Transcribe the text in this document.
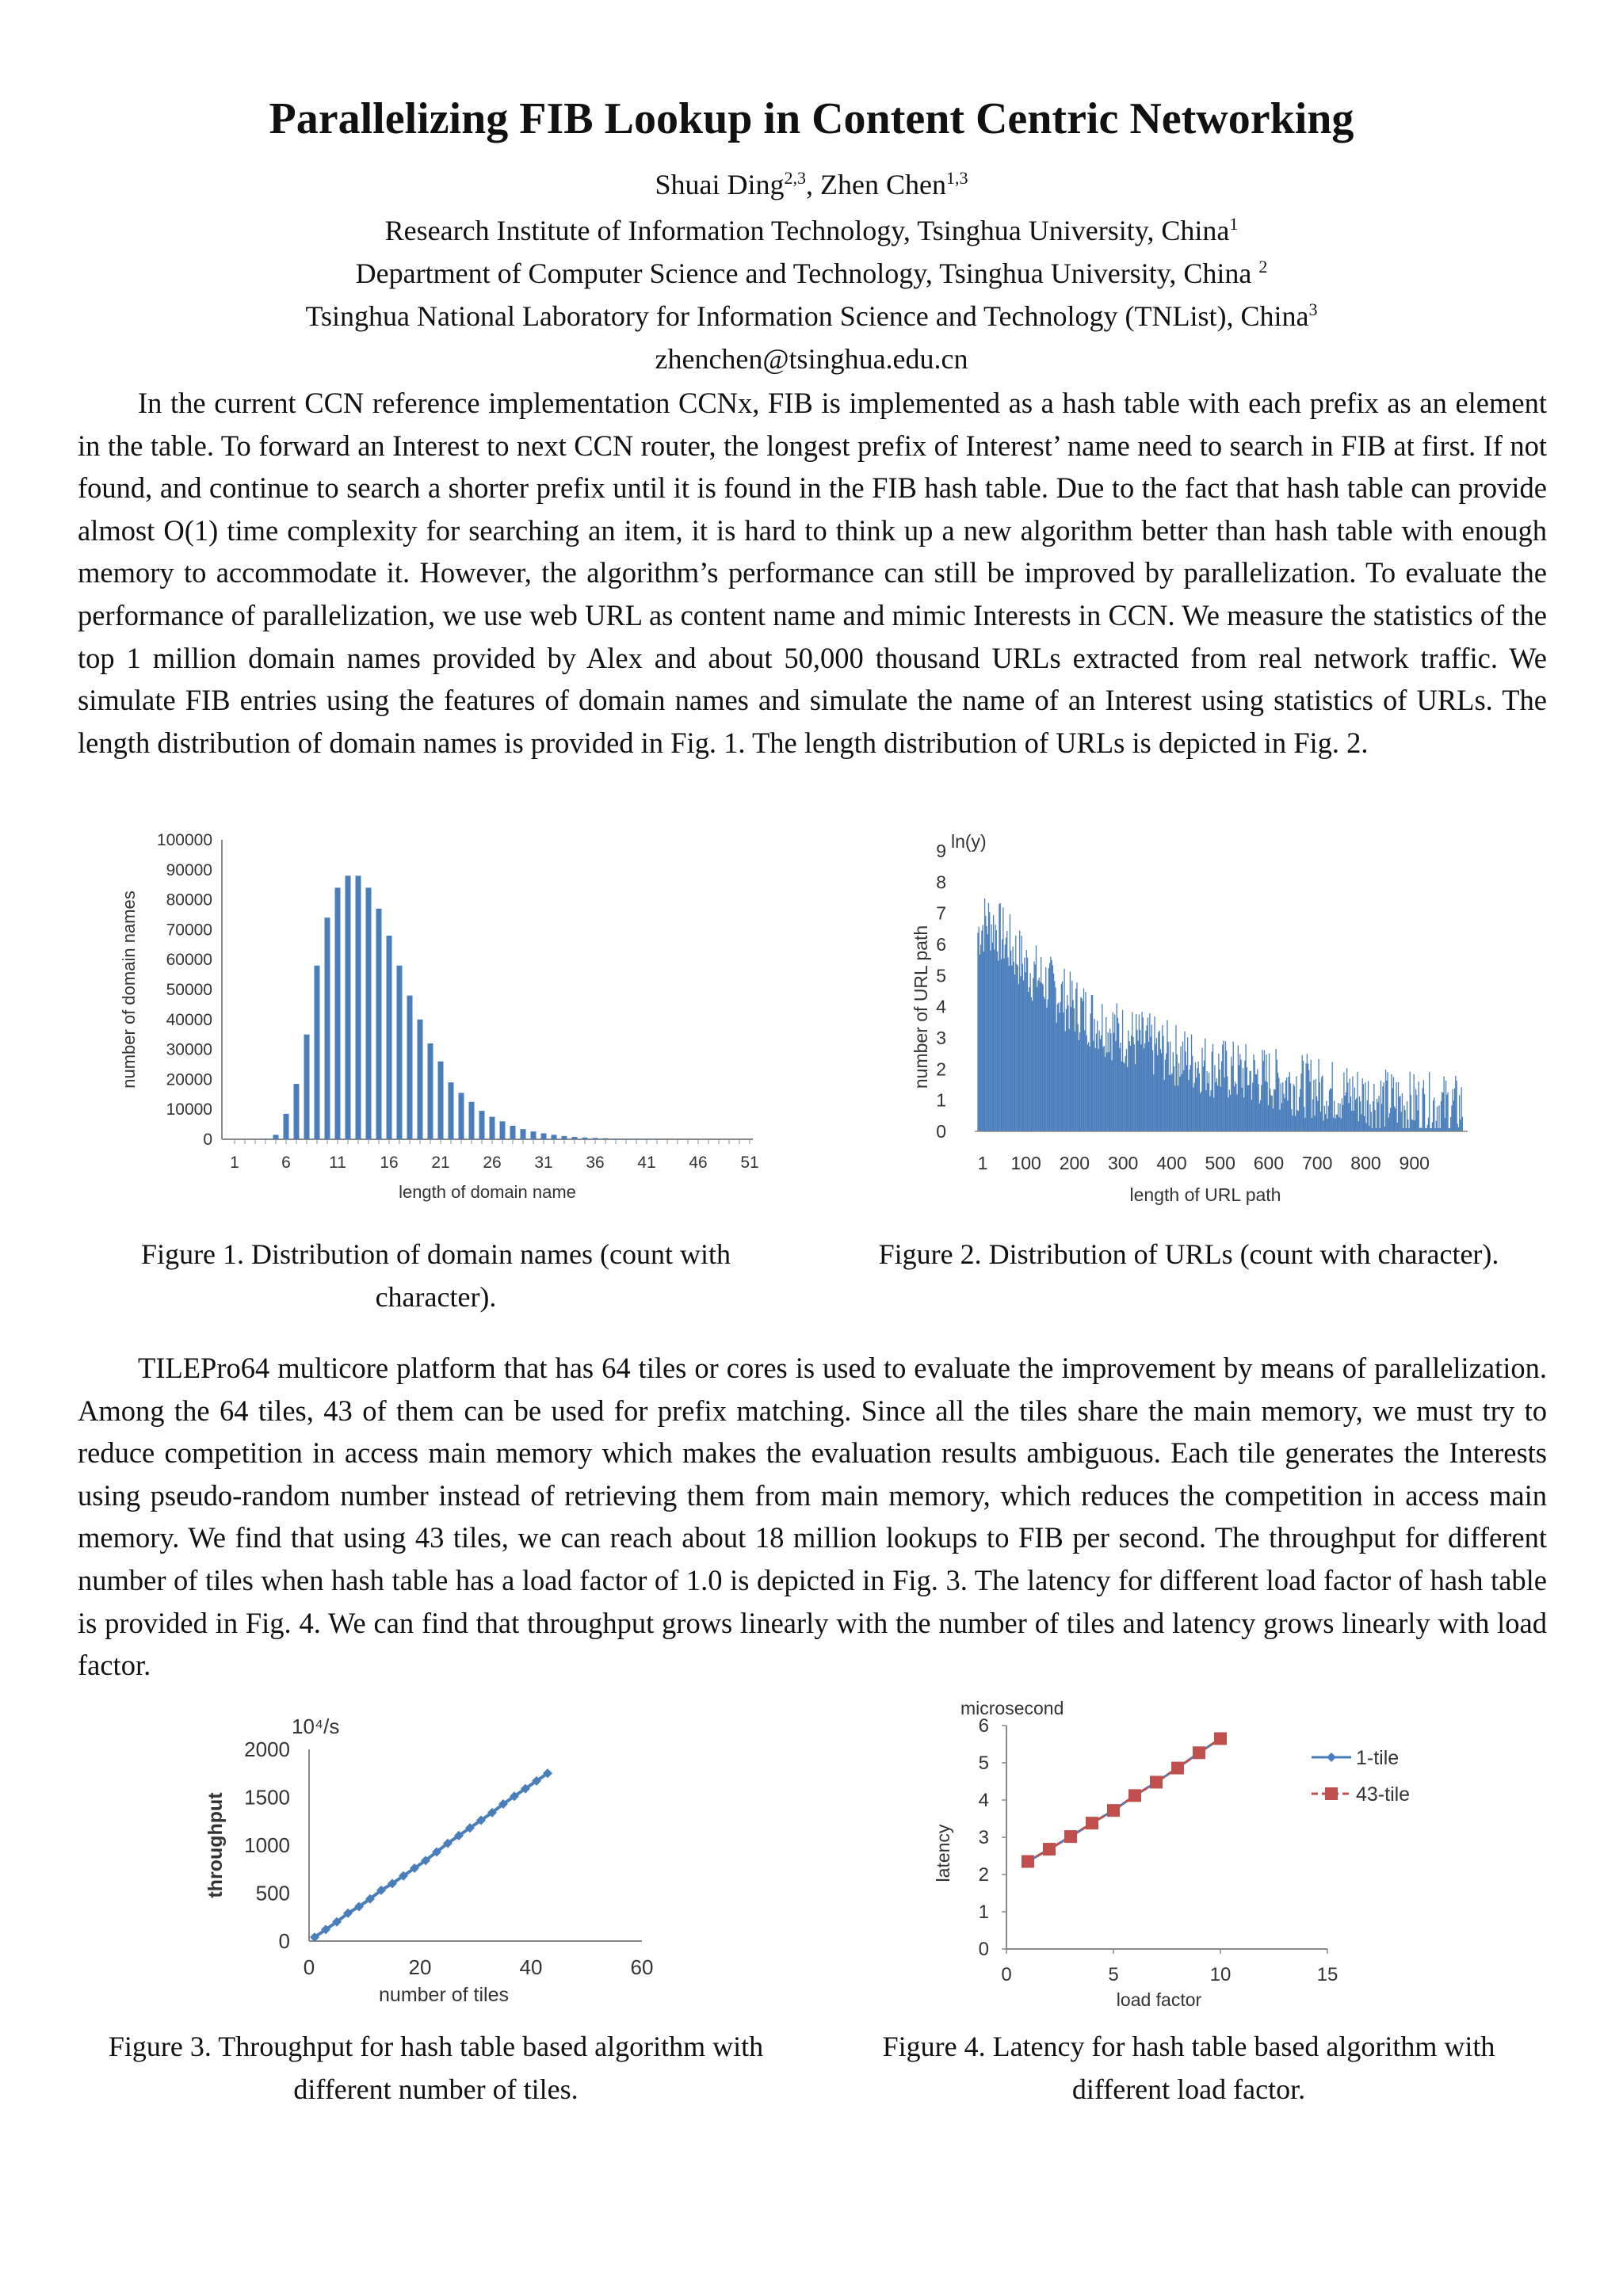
Parallelizing FIB Lookup in Content Centric Networking
Shuai Ding$^{2,3}$, Zhen Chen$^{1,3}$
Research Institute of Information Technology, Tsinghua University, China$^1$
Department of Computer Science and Technology, Tsinghua University, China $^2$
Tsinghua National Laboratory for Information Science and Technology (TNList), China$^3$
zhenchen@tsinghua.edu.cn

In the current CCN reference implementation CCNx, FIB is implemented as a hash table with each prefix as an element in the table. To forward an Interest to next CCN router, the longest prefix of Interest’ name need to search in FIB at first. If not found, and continue to search a shorter prefix until it is found in the FIB hash table. Due to the fact that hash table can provide almost O(1) time complexity for searching an item, it is hard to think up a new algorithm better than hash table with enough memory to accommodate it. However, the algorithm’s performance can still be improved by parallelization. To evaluate the performance of parallelization, we use web URL as content name and mimic Interests in CCN. We measure the statistics of the top 1 million domain names provided by Alex and about 50,000 thousand URLs extracted from real network traffic. We simulate FIB entries using the features of domain names and simulate the name of an Interest using statistics of URLs. The length distribution of domain names is provided in Fig. 1. The length distribution of URLs is depicted in Fig. 2.

0
10000
20000
30000
40000
50000
60000
70000
80000
90000
100000
1	6 11 16 21 26 31 36 41 46 51
length of domain name
number of domain names
0
1
2
3
4
5
6
7
8
9 ln(y)
1 100 200 300 400 500 600 700 800 900
length of URL path
number of URL path
Figure 1. Distribution of domain names (count with character).
Figure 2. Distribution of URLs (count with character).

TILEPro64 multicore platform that has 64 tiles or cores is used to evaluate the improvement by means of parallelization. Among the 64 tiles, 43 of them can be used for prefix matching. Since all the tiles share the main memory, we must try to reduce competition in access main memory which makes the evaluation results ambiguous. Each tile generates the Interests using pseudo-random number instead of retrieving them from main memory, which reduces the competition in access main memory. We find that using 43 tiles, we can reach about 18 million lookups to FIB per second. The throughput for different number of tiles when hash table has a load factor of 1.0 is depicted in Fig. 3. The latency for different load factor of hash table is provided in Fig. 4. We can find that throughput grows linearly with the number of tiles and latency grows linearly with load factor.

0
500
1000
1500
2000
0	20	40	60
10⁴/s
number of tiles
throughput
0
1
2
3
4
5
6
0	5	10	15
microsecond
load factor
latency
1-tile
43-tile
Figure 3. Throughput for hash table based algorithm with different number of tiles.
Figure 4. Latency for hash table based algorithm with different load factor.
